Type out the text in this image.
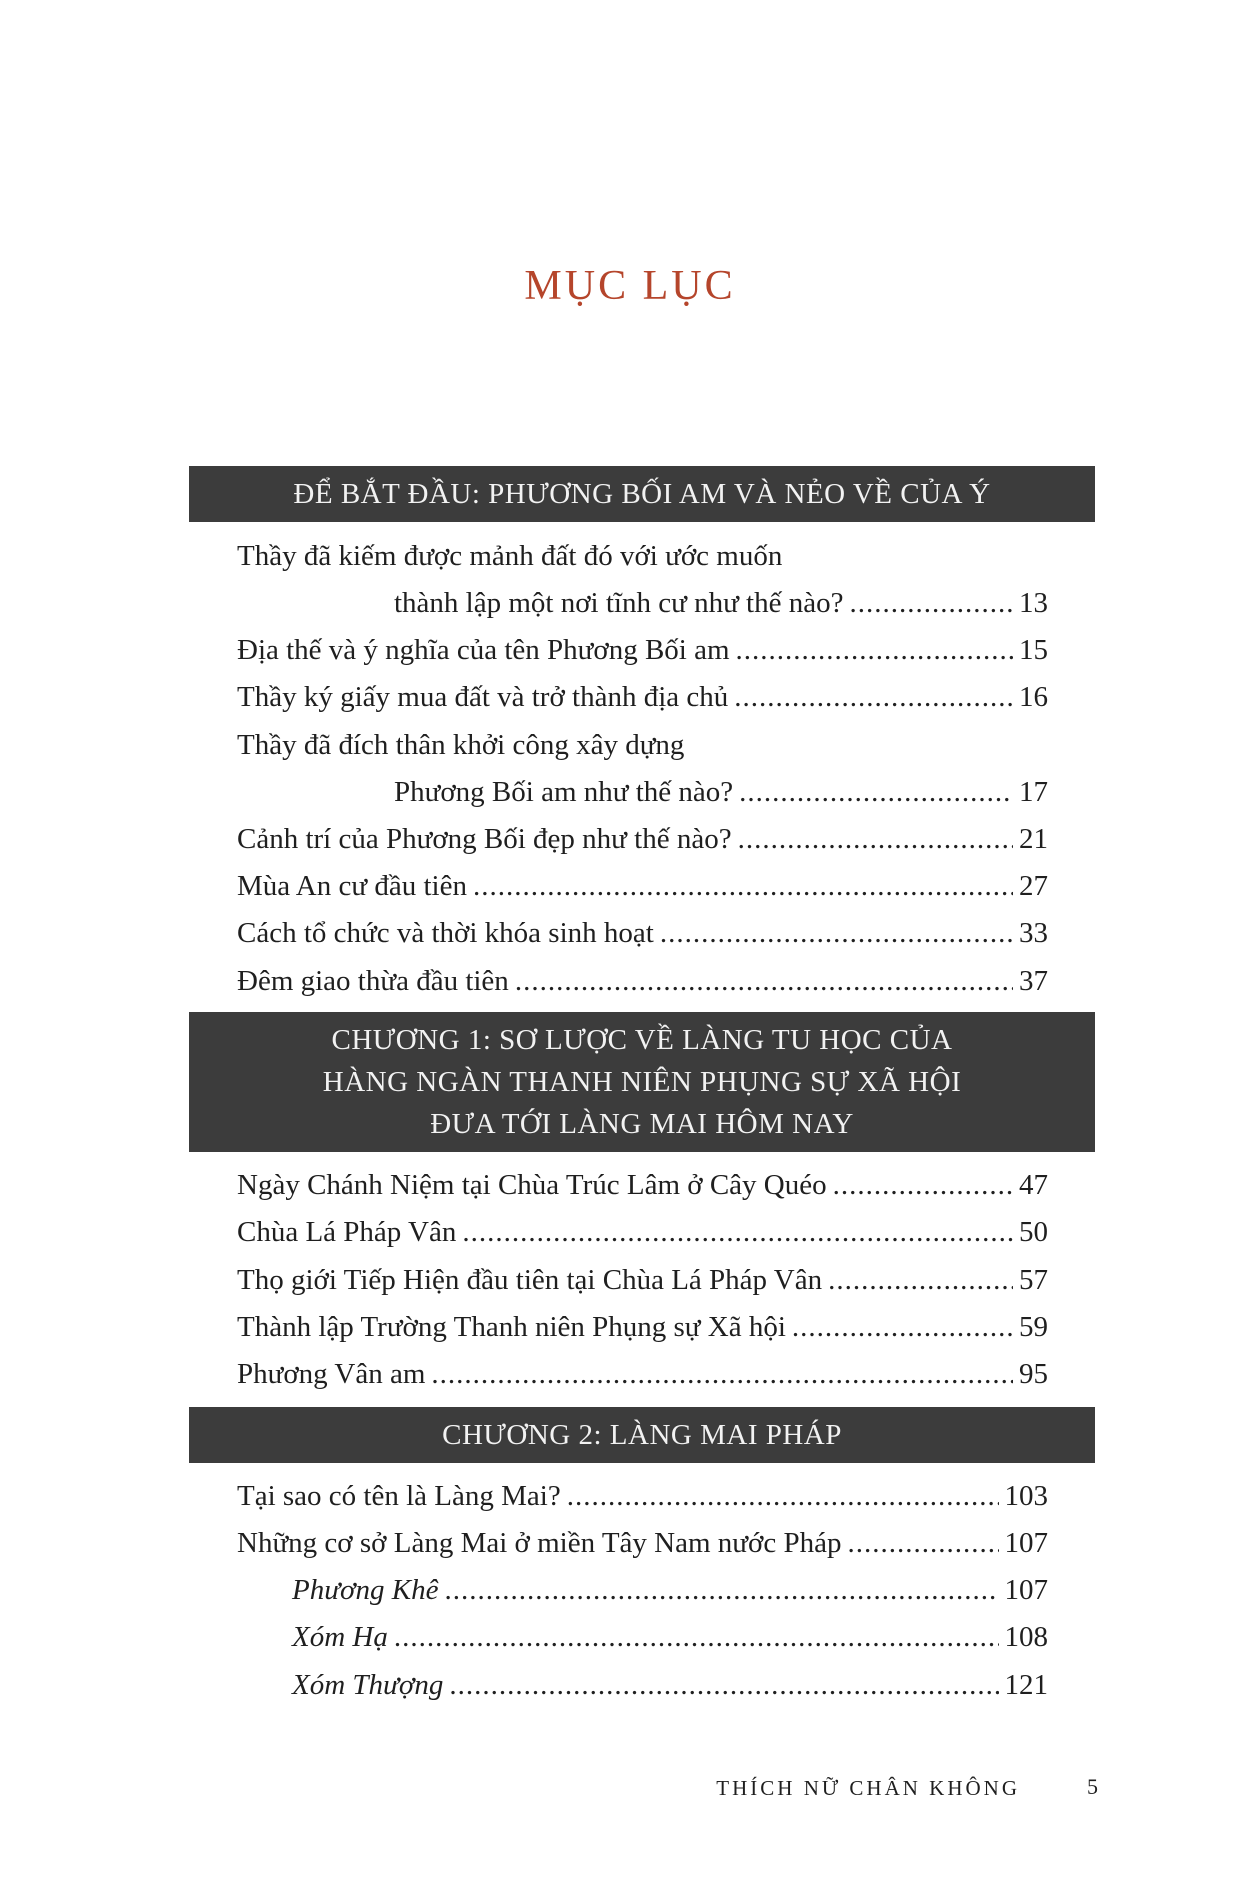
MỤC LỤC
ĐỂ BẮT ĐẦU: PHƯƠNG BỐI AM VÀ NẺO VỀ CỦA Ý
Thầy đã kiếm được mảnh đất đó với ước muốn
thành lập một nơi tĩnh cư như thế nào? .....	13
Địa thế và ý nghĩa của tên Phương Bối am .....	15
Thầy ký giấy mua đất và trở thành địa chủ .....	16
Thầy đã đích thân khởi công xây dựng
Phương Bối am như thế nào? .....	17
Cảnh trí của Phương Bối đẹp như thế nào? .....	21
Mùa An cư đầu tiên .....	27
Cách tổ chức và thời khóa sinh hoạt .....	33
Đêm giao thừa đầu tiên .....	37
CHƯƠNG 1: SƠ LƯỢC VỀ LÀNG TU HỌC CỦA
HÀNG NGÀN THANH NIÊN PHỤNG SỰ XÃ HỘI
ĐƯA TỚI LÀNG MAI HÔM NAY
Ngày Chánh Niệm tại Chùa Trúc Lâm ở Cây Quéo .....	47
Chùa Lá Pháp Vân .....	50
Thọ giới Tiếp Hiện đầu tiên tại Chùa Lá Pháp Vân .....	57
Thành lập Trường Thanh niên Phụng sự Xã hội .....	59
Phương Vân am .....	95
CHƯƠNG 2: LÀNG MAI PHÁP
Tại sao có tên là Làng Mai? .....	103
Những cơ sở Làng Mai ở miền Tây Nam nước Pháp .....	107
Phương Khê .....	107
Xóm Hạ .....	108
Xóm Thượng .....	121
THÍCH NỮ CHÂN KHÔNG	5
